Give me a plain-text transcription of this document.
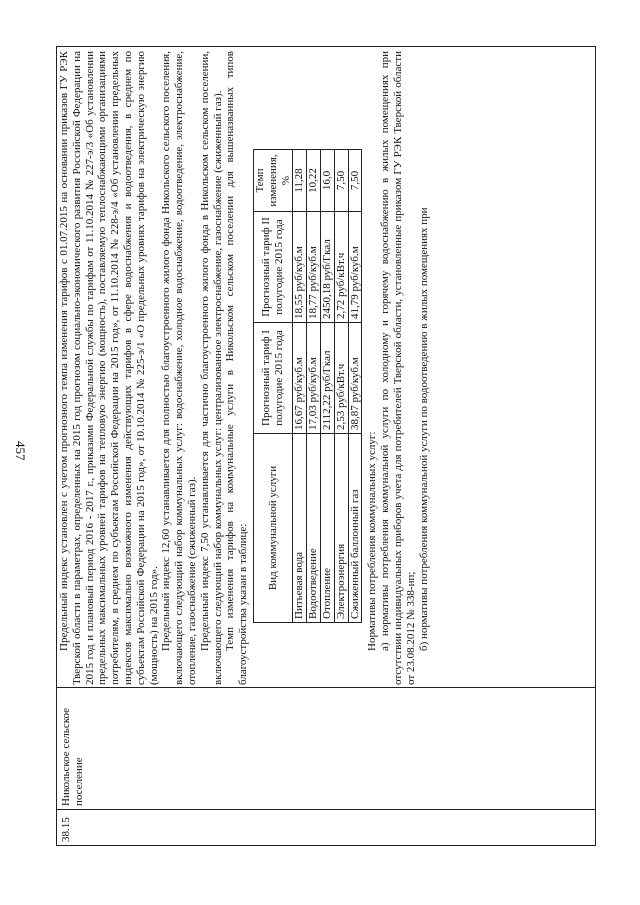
457
38.15
Никольское сельское поселение

Предельный индекс установлен с учетом прогнозного темпа изменения тарифов с 01.07.2015 на основании приказов ГУ РЭК Тверской области в параметрах, определенных на 2015 год прогнозом социально-экономического развития Российской Федерации на 2015 год и плановый период 2016 - 2017 г., приказами Федеральной службы по тарифам от 11.10.2014 № 227-э/3 «Об установлении предельных максимальных уровней тарифов на тепловую энергию (мощность), поставляемую теплоснабжающими организациями потребителям, в среднем по субъектам Российской Федерации на 2015 год», от 11.10.2014 № 228-э/4 «Об установлении предельных индексов максимально возможного изменения действующих тарифов в сфере водоснабжения и водоотведения, в среднем по субъектам Российской Федерации на 2015 год», от 10.10.2014 № 225-э/1 «О предельных уровнях тарифов на электрическую энергию (мощность) на 2015 год». Предельный индекс 12,60 устанавливается для полностью благоустроенного жилого фонда Никольского сельского поселения, включающего следующий набор коммунальных услуг: водоснабжение, холодное водоснабжение, водоотведение, электроснабжение, отопление, газоснабжение (сжиженный газ). Предельный индекс 7,50 устанавливается для частично благоустроенного жилого фонда в Никольском сельском поселении, включающего следующий набор коммунальных услуг: централизованное электроснабжение, газоснабжение (сжиженный газ). Темп изменения тарифов на коммунальные услуги в Никольском сельском поселении для вышеназванных типов благоустройства указан в таблице: Вид коммунальной услуги	Прогнозный тариф I полугодие 2015 года	Прогнозный тариф II полугодие 2015 года	Темп изменения, %
Питьевая вода	16,67 руб/куб.м	18,55 руб/куб.м	11,28
Водоотведение	17,03 руб/куб.м	18,77 руб/куб.м	10,22
Отопление	2112,22 руб/Гкал	2450,18 руб/Гкал	16,0
Электроэнергия	2,53 руб/кВт.ч	2,72 руб/кВт.ч	7,50
Сжиженный баллонный газ	38,87 руб/куб.м	41,79 руб/куб.м	7,50

Нормативы потребления коммунальных услуг: а) нормативы потребления коммунальной услуги по холодному и горячему водоснабжению в жилых помещениях при отсутствии индивидуальных приборов учета для потребителей Тверской области, установленные приказом ГУ РЭК Тверской области от 23.08.2012 № 338-нп; б) нормативы потребления коммунальной услуги по водоотведению в жилых помещениях при
